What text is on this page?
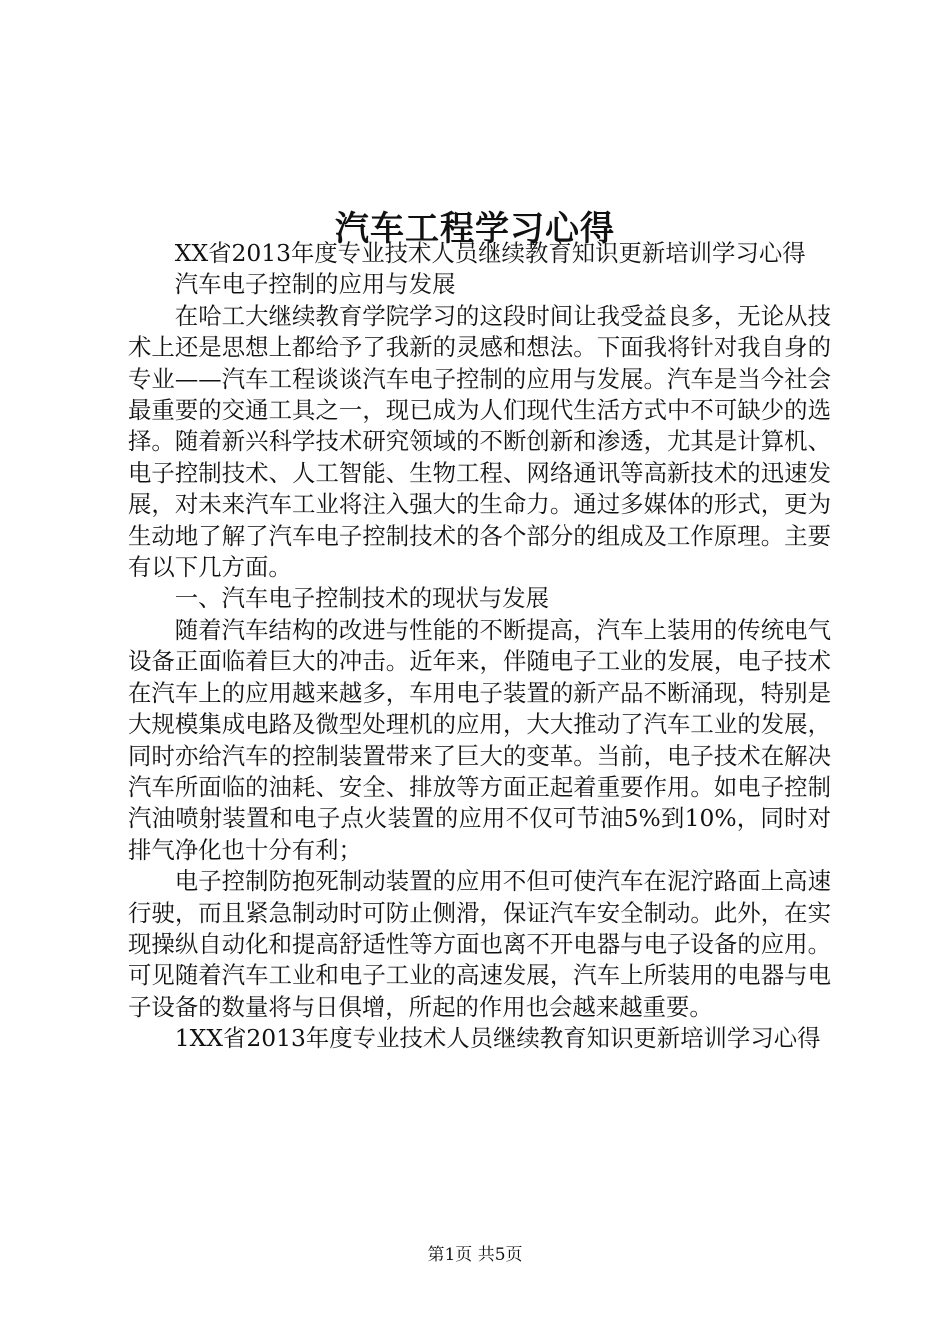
汽车工程学习心得

XX省2013年度专业技术人员继续教育知识更新培训学习心得

汽车电子控制的应用与发展

在哈工大继续教育学院学习的这段时间让我受益良多，无论从技术上还是思想上都给予了我新的灵感和想法。下面我将针对我自身的专业——汽车工程谈谈汽车电子控制的应用与发展。汽车是当今社会最重要的交通工具之一，现已成为人们现代生活方式中不可缺少的选择。随着新兴科学技术研究领域的不断创新和渗透，尤其是计算机、电子控制技术、人工智能、生物工程、网络通讯等高新技术的迅速发展，对未来汽车工业将注入强大的生命力。通过多媒体的形式，更为生动地了解了汽车电子控制技术的各个部分的组成及工作原理。主要有以下几方面。

一、汽车电子控制技术的现状与发展

随着汽车结构的改进与性能的不断提高，汽车上装用的传统电气设备正面临着巨大的冲击。近年来，伴随电子工业的发展，电子技术在汽车上的应用越来越多，车用电子装置的新产品不断涌现，特别是大规模集成电路及微型处理机的应用，大大推动了汽车工业的发展，同时亦给汽车的控制装置带来了巨大的变革。当前，电子技术在解决汽车所面临的油耗、安全、排放等方面正起着重要作用。如电子控制汽油喷射装置和电子点火装置的应用不仅可节油5%到10%，同时对排气净化也十分有利；

电子控制防抱死制动装置的应用不但可使汽车在泥泞路面上高速行驶，而且紧急制动时可防止侧滑，保证汽车安全制动。此外，在实现操纵自动化和提高舒适性等方面也离不开电器与电子设备的应用。可见随着汽车工业和电子工业的高速发展，汽车上所装用的电器与电子设备的数量将与日俱增，所起的作用也会越来越重要。

1XX省2013年度专业技术人员继续教育知识更新培训学习心得

第1页 共5页
